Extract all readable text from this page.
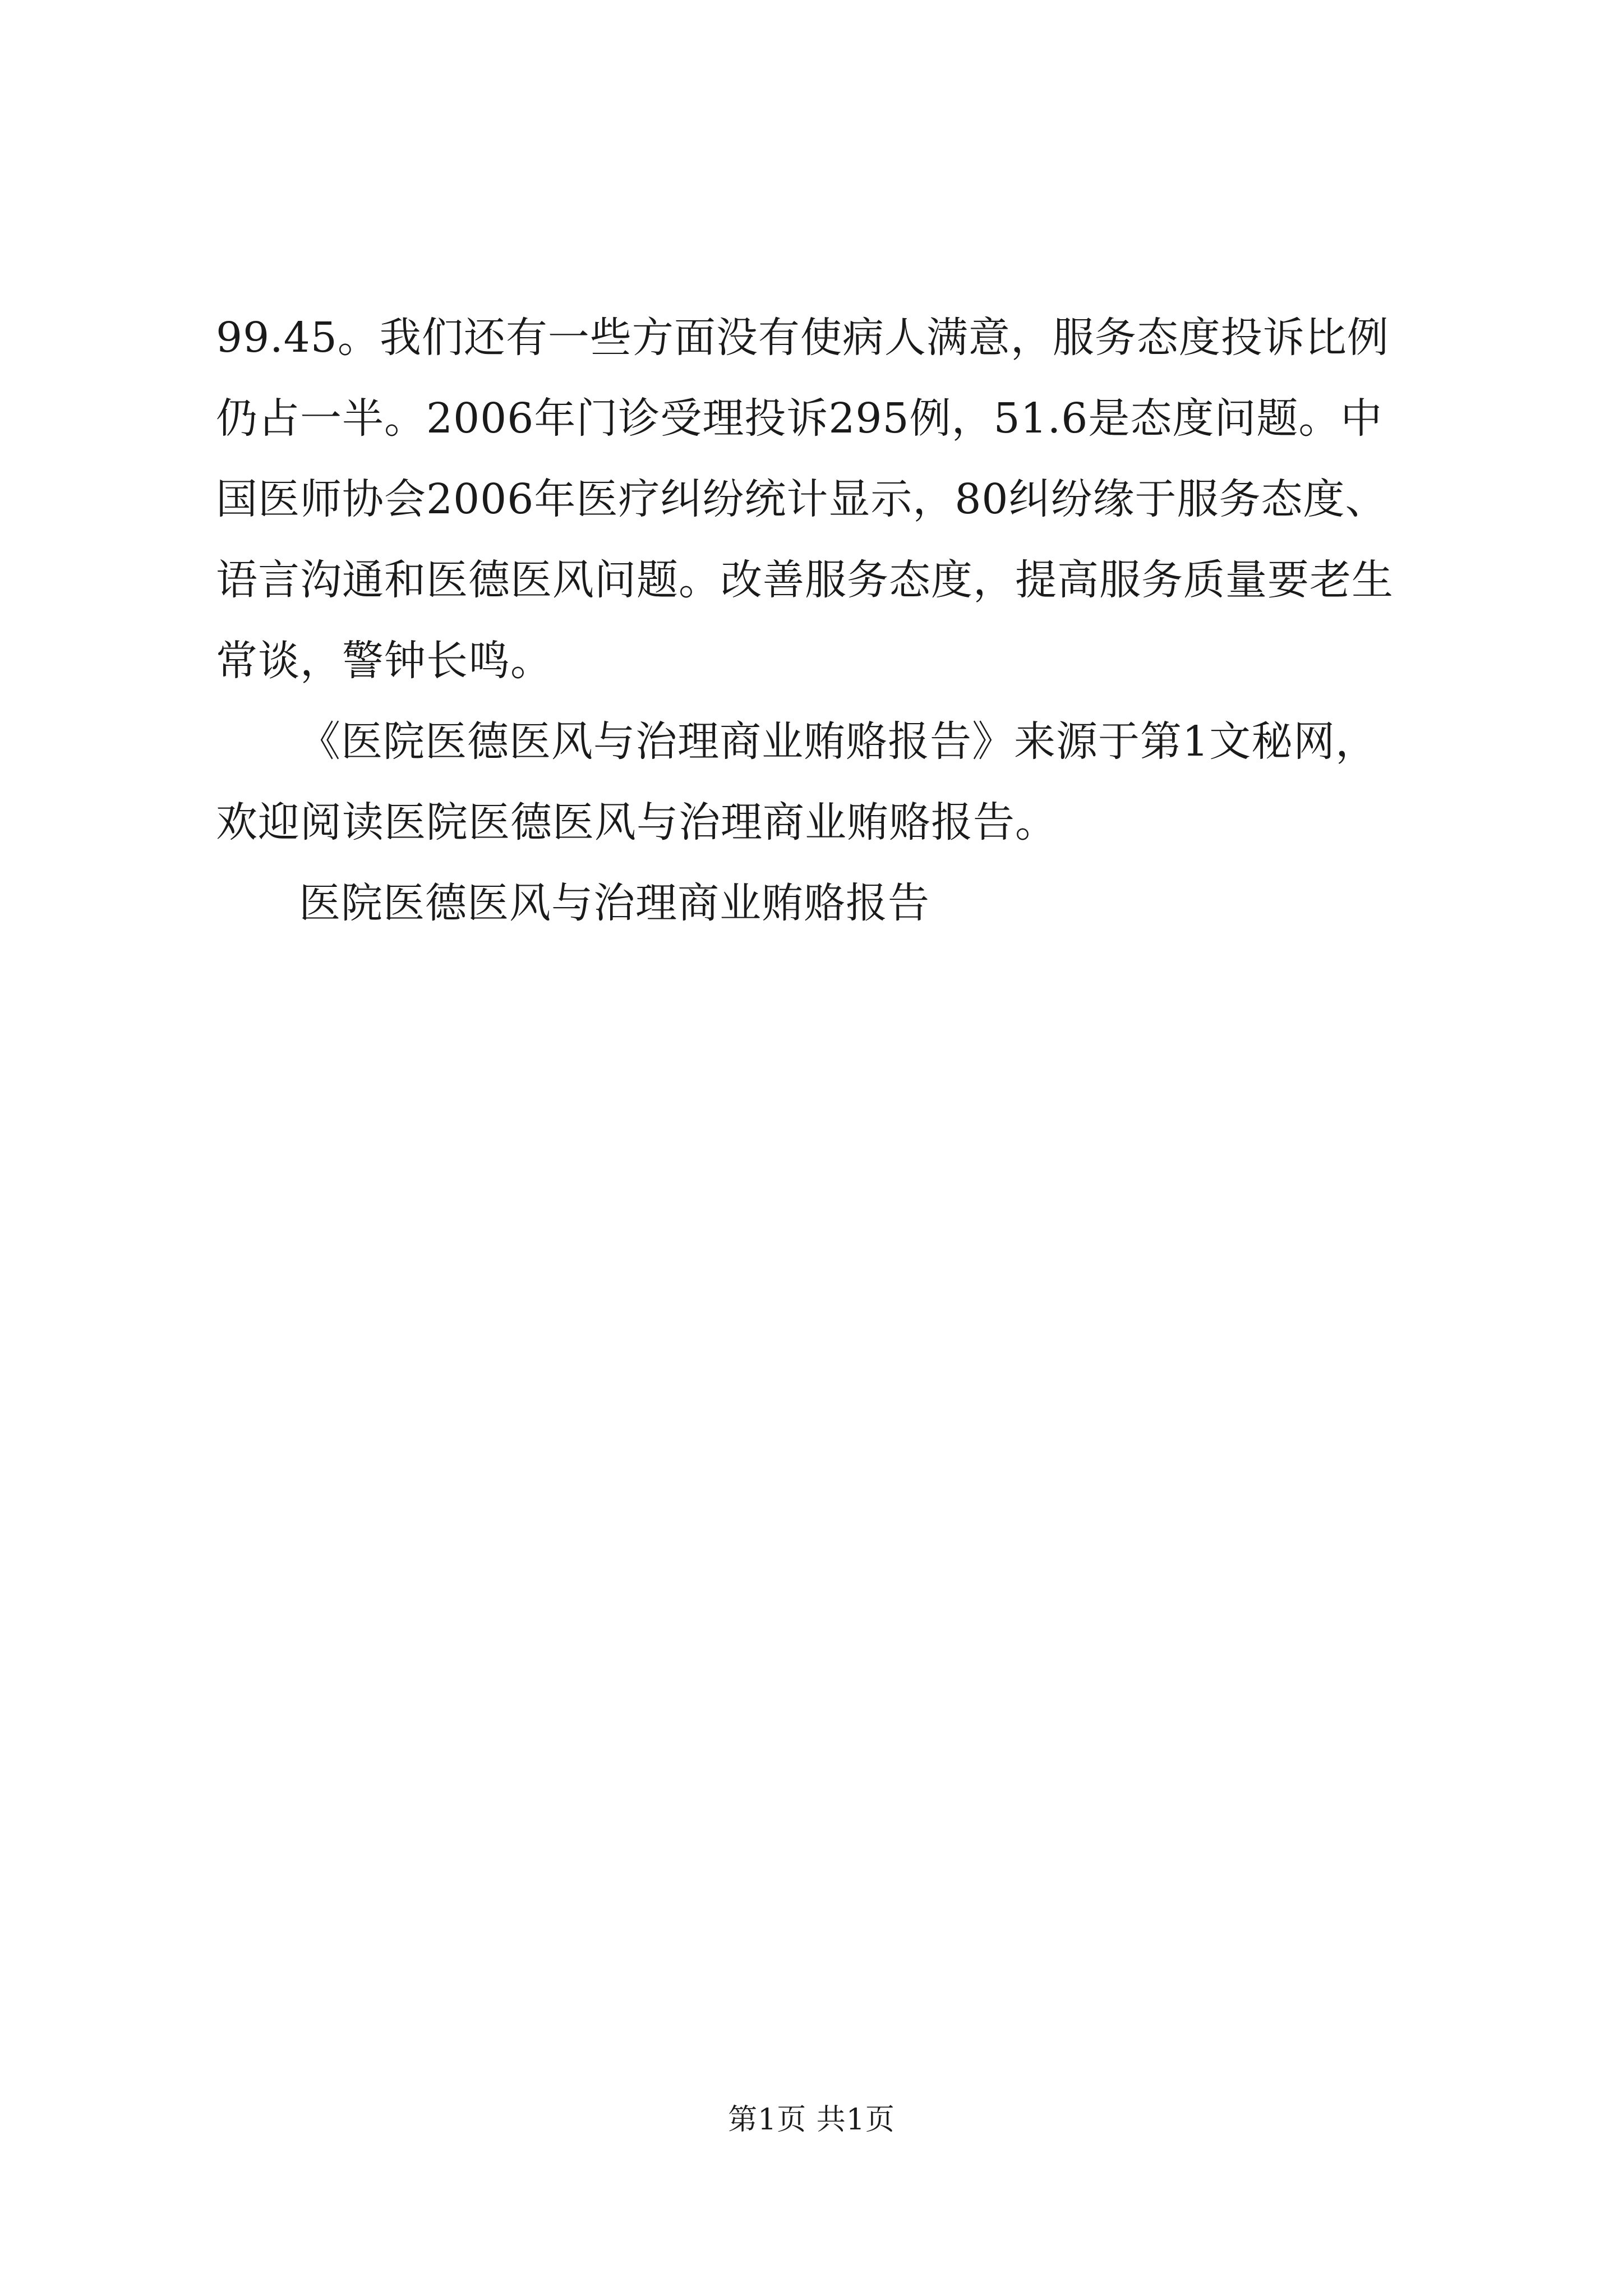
99.45。我们还有一些方面没有使病人满意，服务态度投诉比例
仍占一半。2006年门诊受理投诉295例，51.6是态度问题。中
国医师协会2006年医疗纠纷统计显示，80纠纷缘于服务态度、
语言沟通和医德医风问题。改善服务态度，提高服务质量要老生
常谈，警钟长鸣。
《医院医德医风与治理商业贿赂报告》来源于第1文秘网，
欢迎阅读医院医德医风与治理商业贿赂报告。
医院医德医风与治理商业贿赂报告
第1页 共1页
